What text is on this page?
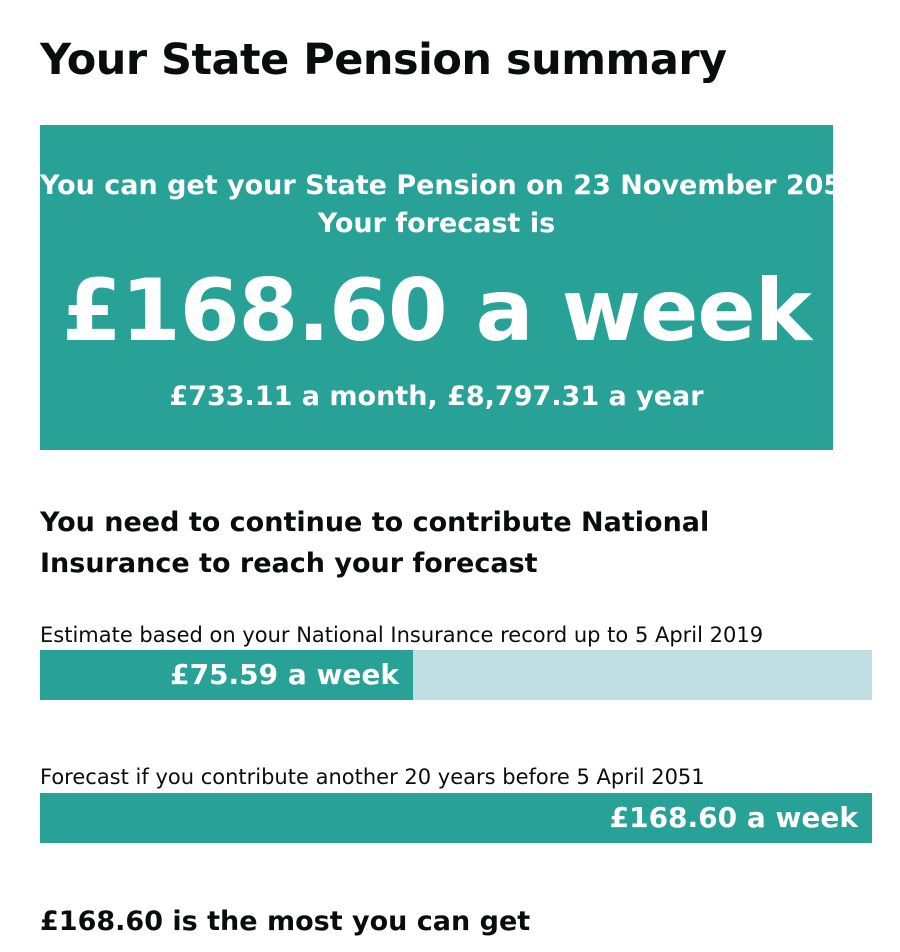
Your State Pension summary
You can get your State Pension on 23 November 2051.
Your forecast is
£168.60 a week
£733.11 a month, £8,797.31 a year
You need to continue to contribute National Insurance to reach your forecast
Estimate based on your National Insurance record up to 5 April 2019
£75.59 a week
Forecast if you contribute another 20 years before 5 April 2051
£168.60 a week
£168.60 is the most you can get
